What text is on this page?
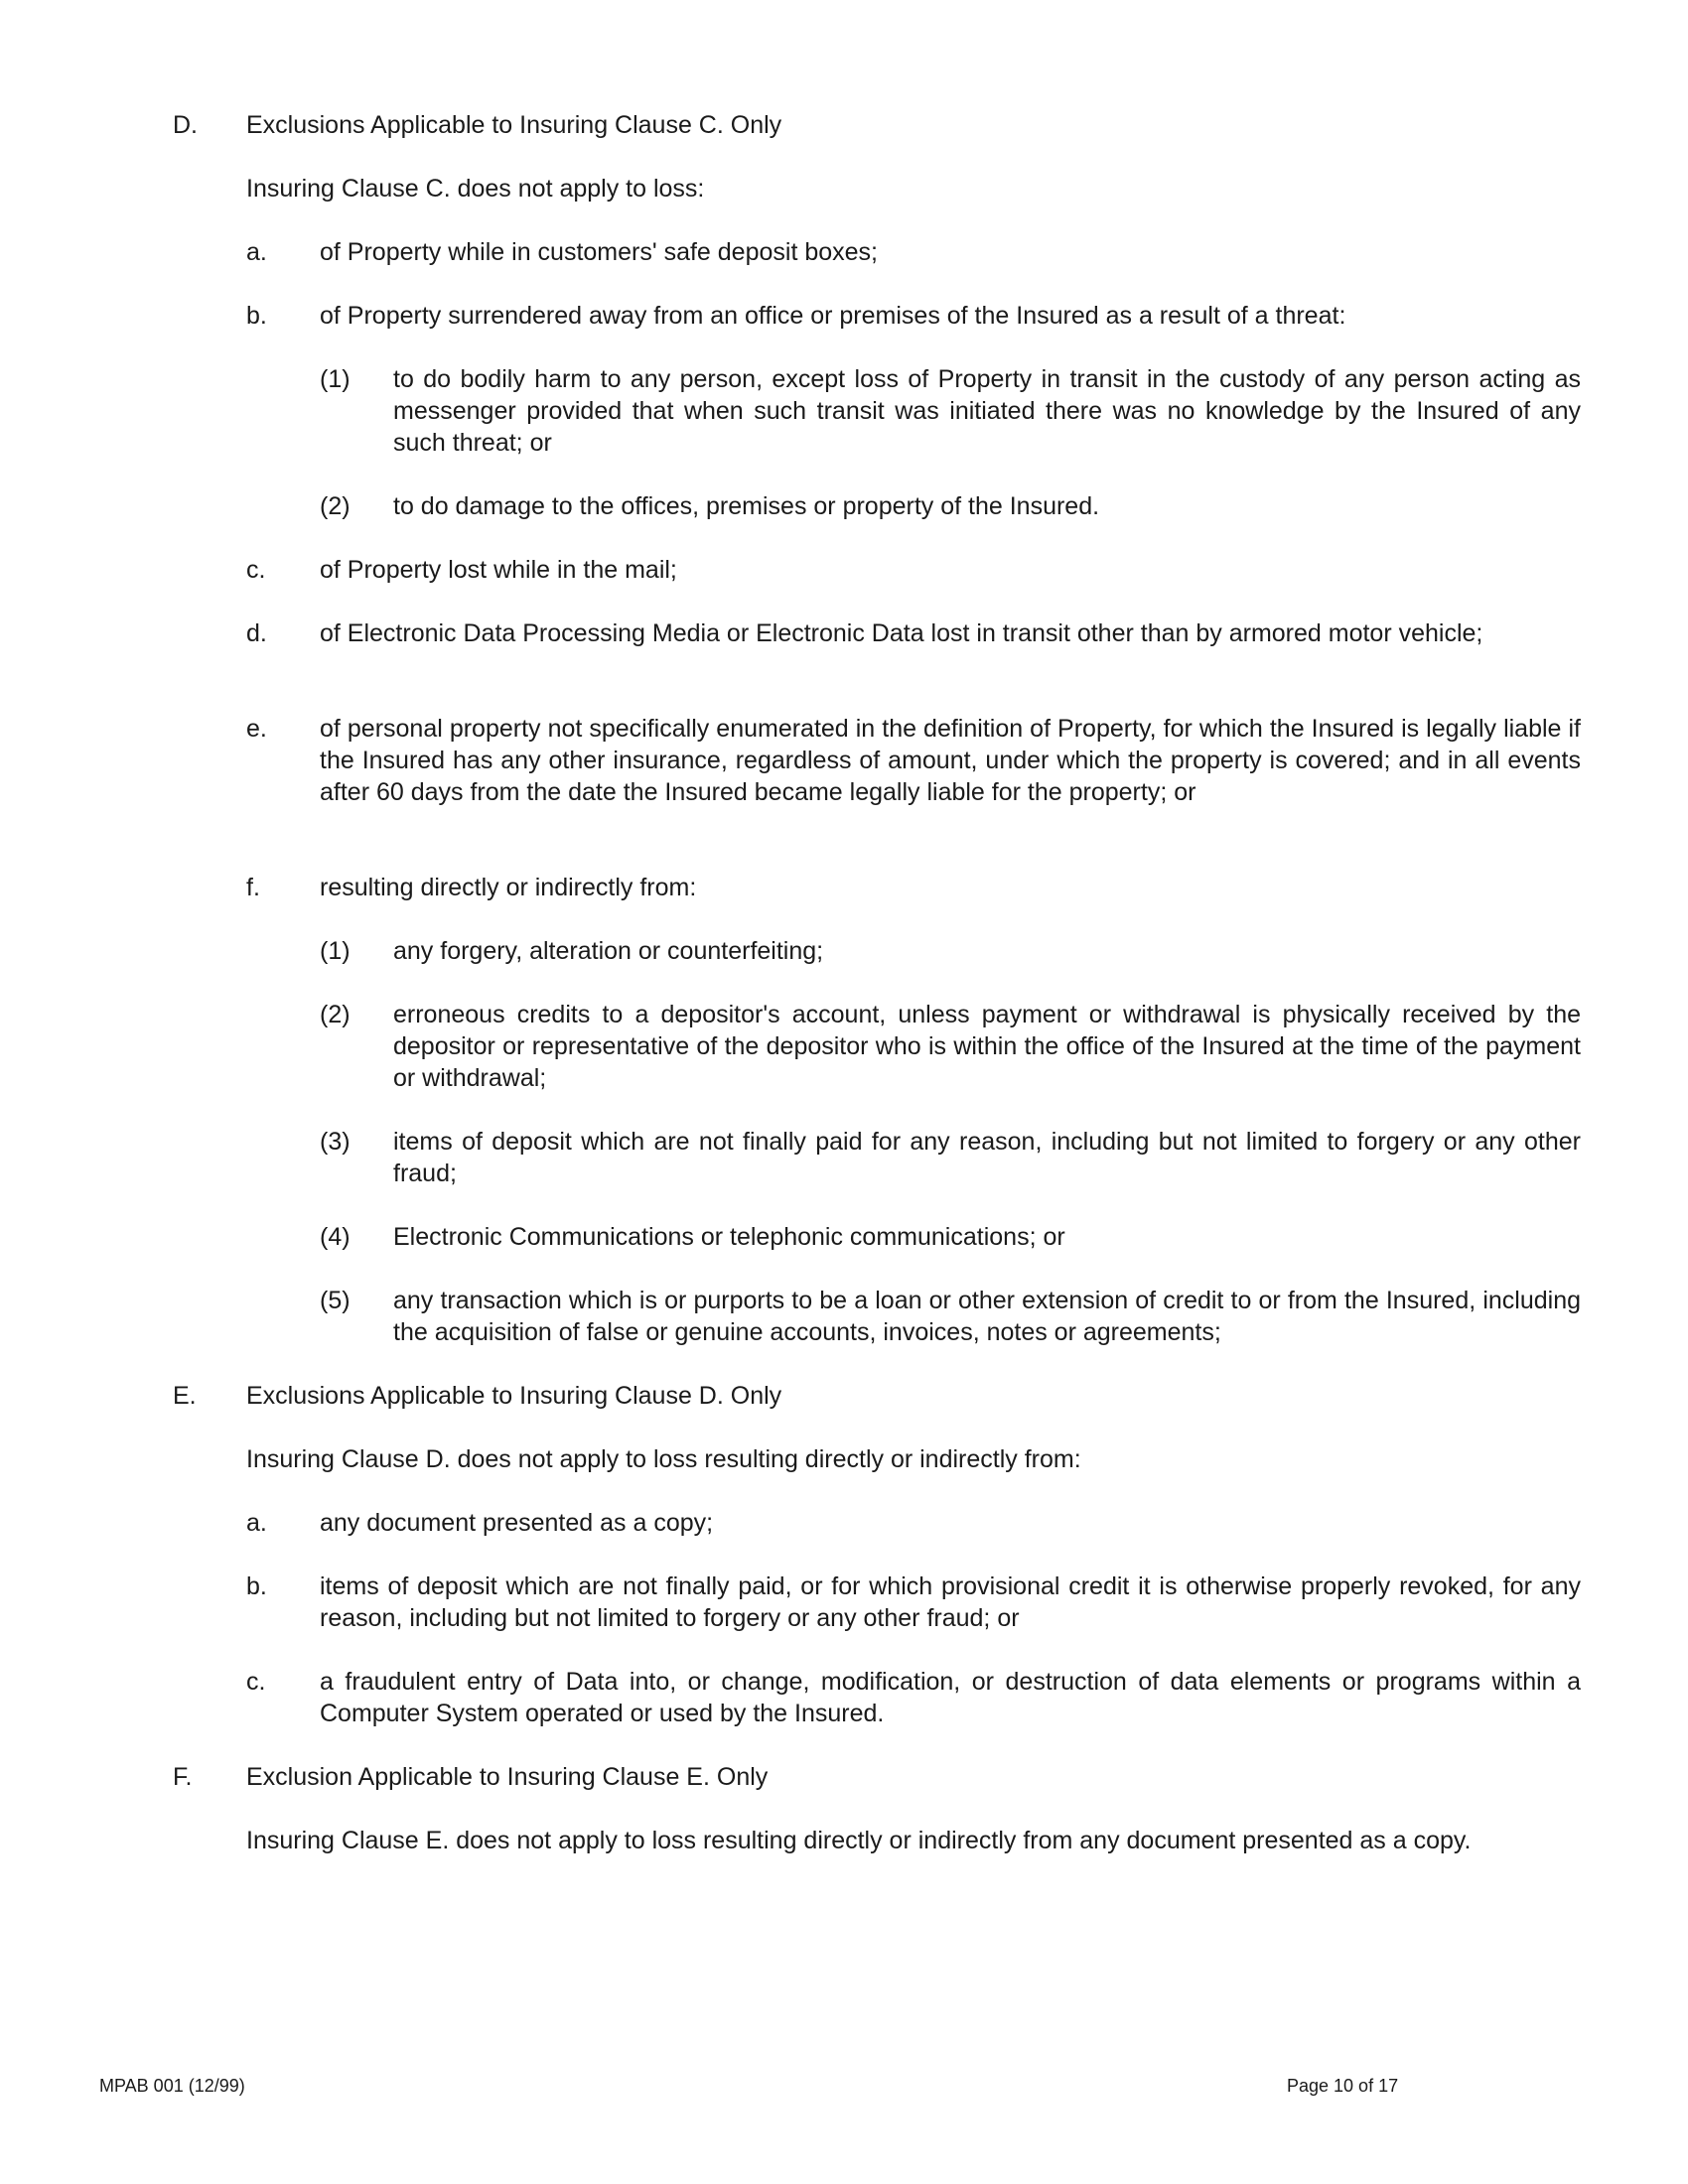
D. Exclusions Applicable to Insuring Clause C. Only
Insuring Clause C. does not apply to loss:
a. of Property while in customers' safe deposit boxes;
b. of Property surrendered away from an office or premises of the Insured as a result of a threat:
(1) to do bodily harm to any person, except loss of Property in transit in the custody of any person acting as messenger provided that when such transit was initiated there was no knowledge by the Insured of any such threat; or
(2) to do damage to the offices, premises or property of the Insured.
c. of Property lost while in the mail;
d. of Electronic Data Processing Media or Electronic Data lost in transit other than by armored motor vehicle;
e. of personal property not specifically enumerated in the definition of Property, for which the Insured is legally liable if the Insured has any other insurance, regardless of amount, under which the property is covered; and in all events after 60 days from the date the Insured became legally liable for the property; or
f. resulting directly or indirectly from:
(1) any forgery, alteration or counterfeiting;
(2) erroneous credits to a depositor's account, unless payment or withdrawal is physically received by the depositor or representative of the depositor who is within the office of the Insured at the time of the payment or withdrawal;
(3) items of deposit which are not finally paid for any reason, including but not limited to forgery or any other fraud;
(4) Electronic Communications or telephonic communications; or
(5) any transaction which is or purports to be a loan or other extension of credit to or from the Insured, including the acquisition of false or genuine accounts, invoices, notes or agreements;
E. Exclusions Applicable to Insuring Clause D. Only
Insuring Clause D. does not apply to loss resulting directly or indirectly from:
a. any document presented as a copy;
b. items of deposit which are not finally paid, or for which provisional credit it is otherwise properly revoked, for any reason, including but not limited to forgery or any other fraud; or
c. a fraudulent entry of Data into, or change, modification, or destruction of data elements or programs within a Computer System operated or used by the Insured.
F. Exclusion Applicable to Insuring Clause E. Only
Insuring Clause E. does not apply to loss resulting directly or indirectly from any document presented as a copy.
MPAB 001 (12/99)	Page 10 of 17
